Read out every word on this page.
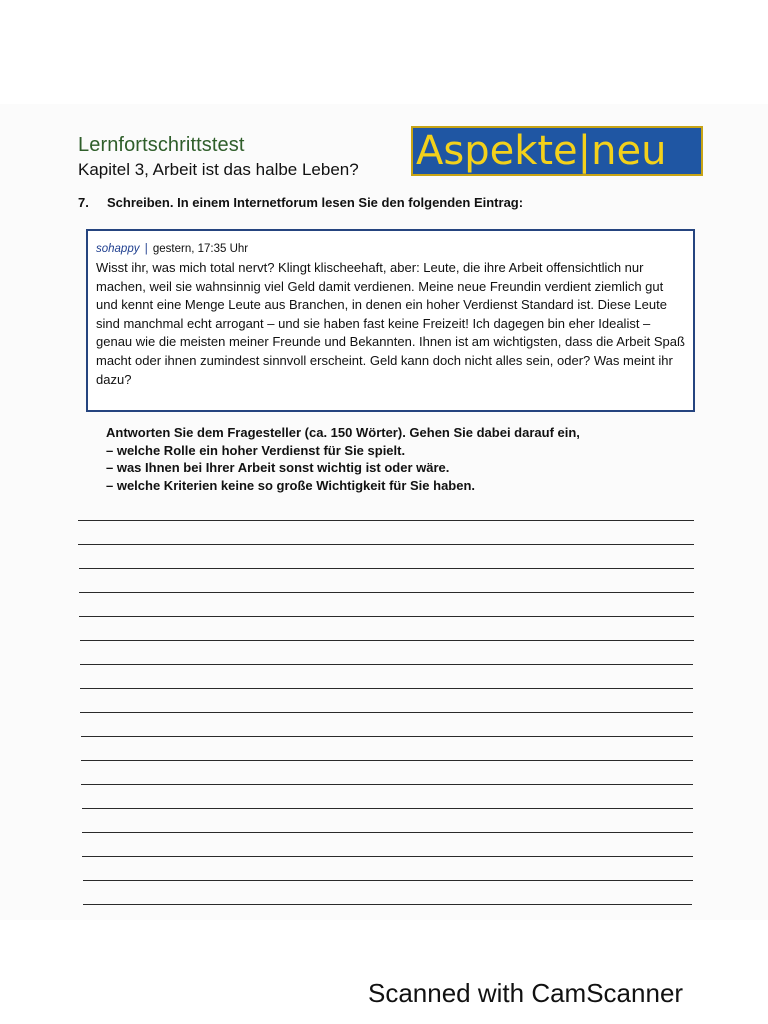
Lernfortschrittstest
Kapitel 3, Arbeit ist das halbe Leben? Aspekte|neu
7. Schreiben. In einem Internetforum lesen Sie den folgenden Eintrag:
sohappy | gestern, 17:35 Uhr
Wisst ihr, was mich total nervt? Klingt klischeehaft, aber: Leute, die ihre Arbeit offensichtlich nur machen, weil sie wahnsinnig viel Geld damit verdienen. Meine neue Freundin verdient ziemlich gut und kennt eine Menge Leute aus Branchen, in denen ein hoher Verdienst Standard ist. Diese Leute sind manchmal echt arrogant – und sie haben fast keine Freizeit! Ich dagegen bin eher Idealist – genau wie die meisten meiner Freunde und Bekannten. Ihnen ist am wichtigsten, dass die Arbeit Spaß macht oder ihnen zumindest sinnvoll erscheint. Geld kann doch nicht alles sein, oder? Was meint ihr dazu?
Antworten Sie dem Fragesteller (ca. 150 Wörter). Gehen Sie dabei darauf ein,
– welche Rolle ein hoher Verdienst für Sie spielt.
– was Ihnen bei Ihrer Arbeit sonst wichtig ist oder wäre.
– welche Kriterien keine so große Wichtigkeit für Sie haben.
Scanned with CamScanner
